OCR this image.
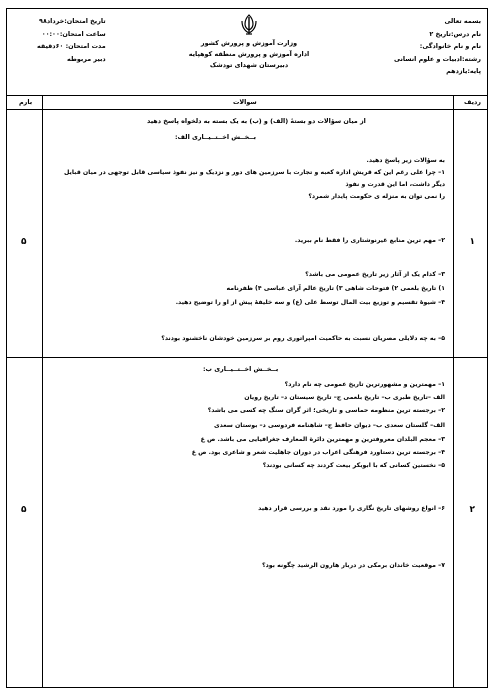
بسمه تعالی
نام درس:تاریخ ۲
نام و نام خانوادگی:
رشته:ادبیات و علوم انسانی
پایه:یازدهم
وزارت آموزش و پرورش کشور
اداره آموزش و پرورش منطقه کوهپایه
دبیرستان شهدای تودشک
تاریخ امتحان:خرداد۹۸
ساعت امتحان:۰۰:۰۰
مدت امتحان: ۶۰دقیقه
دبیر مربوطه
ردیف
سوالات
بارم
۱
۵
از میان سؤالات دو بستهٔ (الف) و (ب) به یک بسته به دلخواه پاسخ دهید
بــخــش اخــتــیــاری الف:
به سؤالات زیر پاسخ دهید.
۱– چرا علی رغم این که قریش اداره کعبه و تجارت با سرزمین های دور و نزدیک و نیز نفوذ سیاسی قابل توجهی در میان قبایل
دیگر داشت، اما این قدرت و نفوذ
را نمی توان به منزله ی حکومت پایدار شمرد؟
۲– مهم ترین منابع غیرنوشتاری را فقط نام ببرید.
۳– کدام یک از آثار زیر تاریخ عمومی می باشد؟
۱) تاریخ بلعمی ۲) فتوحات شاهی ۳) تاریخ عالم آرای عباسی ۴) ظفرنامه
۴– شیوهٔ تقسیم و توزیع بیت المال توسط علی (ع) و سه خلیفهٔ پیش از او را توضیح دهید.
۵– به چه دلایلی مصریان نسبت به حاکمیت امپراتوری روم بر سرزمین خودشان ناخشنود بودند؟
۲
۵
بــخــش اخــتــیــاری ب:
۱– مهمترین و مشهورترین تاریخ عمومی چه نام دارد؟
الف –تاریخ طبری ب– تاریخ بلعمی ج– تاریخ سیستان د– تاریخ رویان
۲– برجسته ترین منظومه حماسی و تاریخی؛ اثر گران سنگ چه کسی می باشد؟
الف– گلستان سعدی ب– دیوان حافظ ج– شاهنامه فردوسی د– بوستان سعدی
۳– معجم البلدان معروفترین و مهمترین دائرة المعارف جغرافیایی می باشد. ص غ
۴– برجسته ترین دستاورد فرهنگی اعراب در دوران جاهلیت شعر و شاعری بود. ص غ
۵– نخستین کسانی که با ابوبکر بیعت کردند چه کسانی بودند؟
۶– انواع روشهای تاریخ نگاری را مورد نقد و بررسی قرار دهید
۷– موقعیت خاندان برمکی در دربار هارون الرشید چگونه بود؟
